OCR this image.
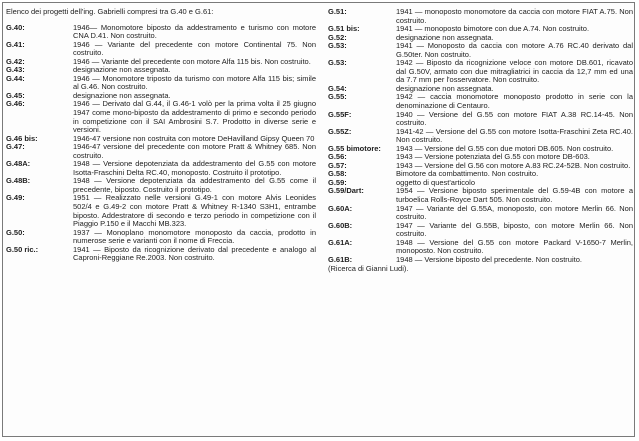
Elenco dei progetti dell'ing. Gabrielli compresi tra G.40 e G.61:
G.40:	1946— Monomotore biposto da addestramento e turismo con motore CNA D.41. Non costruito.
G.41:	1946 — Variante del precedente con motore Continental 75. Non costruito.
G.42:	1946 — Variante del precedente con motore Alfa 115 bis. Non costruito.
G.43:	designazione non assegnata.
G.44:	1946 — Monomotore triposto da turismo con motore Alfa 115 bis; simile al G.46. Non costruito.
G.45:	designazione non assegnata.
G.46:	1946 — Derivato dal G.44, il G.46-1 volò per la prima volta il 25 giugno 1947 come mono-biposto da addestramento di primo e secondo periodo in competizione con il SAI Ambrosini S.7. Prodotto in diverse serie e versioni.
G.46 bis:	1946-47 versione non costruita con motore DeHavilland Gipsy Queen 70
G.47:	1946-47 versione del precedente con motore Pratt & Whitney 685. Non costruito.
G.48A:	1948 — Versione depotenziata da addestramento del G.55 con motore Isotta-Fraschini Delta RC.40, monoposto. Costruito il prototipo.
G.48B:	1948 — Versione depotenziata da addestramento del G.55 come il precedente, biposto. Costruito il prototipo.
G.49:	1951 — Realizzato nelle versioni G.49-1 con motore Alvis Leonides 502/4 e G.49-2 con motore Pratt & Whitney R-1340 S3H1, entrambe biposto. Addestratore di secondo e terzo periodo in competizione con il Piaggio P.150 e il Macchi MB.323.
G.50:	1937 — Monoplano monomotore monoposto da caccia, prodotto in numerose serie e varianti con il nome di Freccia.
G.50 ric.:	1941 — Biposto da ricognizione derivato dal precedente e analogo al Caproni-Reggiane Re.2003. Non costruito.
G.51:	1941 — monoposto monomotore da caccia con motore FIAT A.75. Non costruito.
G.51 bis:	1941 — monoposto bimotore con due A.74. Non costruito.
G.52:	designazione non assegnata.
G.53:	1941 — Monoposto da caccia con motore A.76 RC.40 derivato dal G.50ter. Non costruito.
G.53:	1942 — Biposto da ricognizione veloce con motore DB.601, ricavato dal G.50V, armato con due mitragliatrici in caccia da 12,7 mm ed una da 7.7 mm per l'osservatore. Non costruito.
G.54:	designazione non assegnata.
G.55:	1942 — caccia monomotore monoposto prodotto in serie con la denominazione di Centauro.
G.55F:	1940 — Versione del G.55 con motore FIAT A.38 RC.14-45. Non costruito.
G.55Z:	1941-42 — Versione del G.55 con motore Isotta-Fraschini Zeta RC.40. Non costruito.
G.55 bimotore:	1943 — Versione del G.55 con due motori DB.605. Non costruito.
G.56:	1943 — Versione potenziata del G.55 con motore DB-603.
G.57:	1943 — Versione del G.56 con motore A.83 RC.24-52B. Non costruito.
G.58:	Bimotore da combattimento. Non costruito.
G.59:	oggetto di quest'articolo
G.59/Dart:	1954 — Versione biposto sperimentale del G.59-4B con motore a turboelica Rolls-Royce Dart 505. Non costruito.
G.60A:	1947 — Variante del G.55A, monoposto, con motore Merlin 66. Non costruito.
G.60B:	1947 — Variante del G.55B, biposto, con motore Merlin 66. Non costruito.
G.61A:	1948 — Versione del G.55 con motore Packard V-1650-7 Merlin, monoposto. Non costruito.
G.61B:	1948 — Versione biposto del precedente. Non costruito.
(Ricerca di Gianni Ludi).
